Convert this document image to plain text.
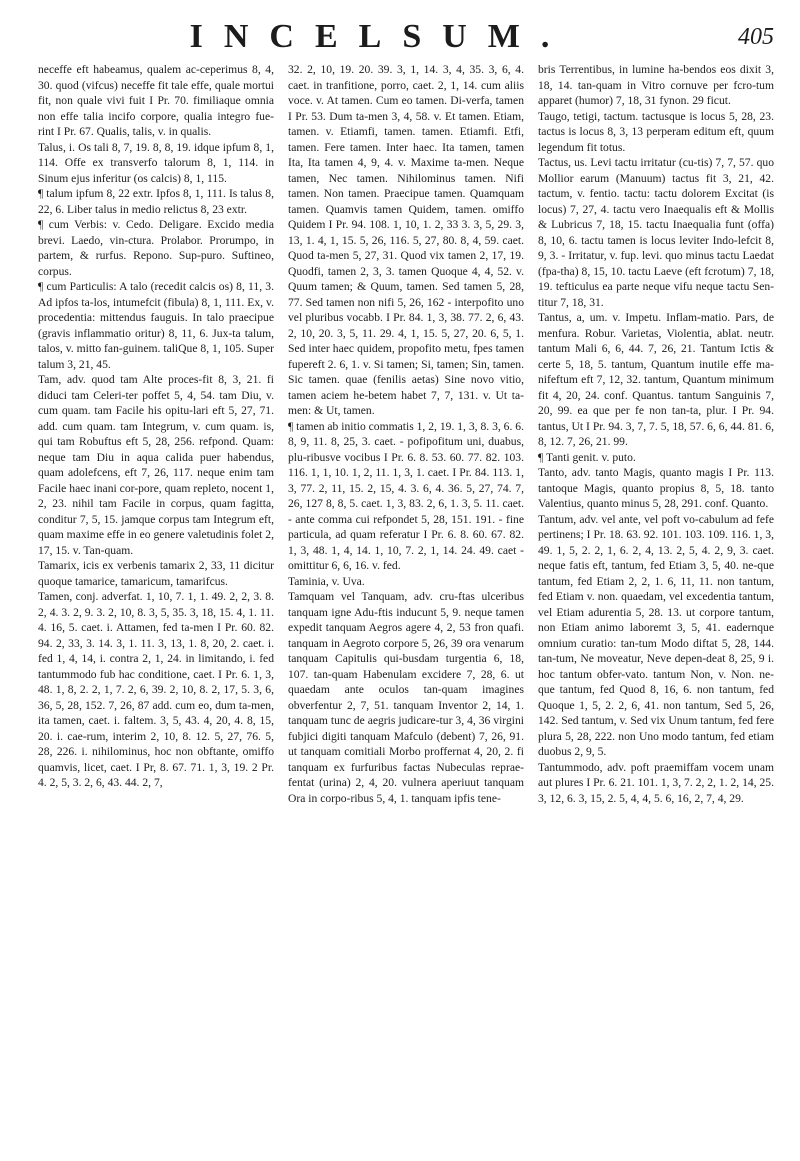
INCELSUM.	405

neceffe eft habeamus, qualem ac-ceperimus 8, 4, 30. quod (vifcus) neceffe fit tale effe, quale mortui fit, non quale vivi fuit I Pr. 70. fimiliaque omnia non effe talia incifo corpore, qualia integro fue-rint I Pr. 67. Qualis, talis, v. in qualis.

Talus, i. Os tali 8, 7, 19. 8, 8, 19. idque ipfum 8, 1, 114. Offe ex transverfo talorum 8, 1, 114. in Sinum ejus inferitur (os calcis) 8, 1, 115.

¶ talum ipfum 8, 22 extr. Ipfos 8, 1, 111. Is talus 8, 22, 6. Liber talus in medio relictus 8, 23 extr.

¶ cum Verbis: v. Cedo. Deligare. Excido media brevi. Laedo, vin-ctura. Prolabor. Prorumpo, in partem, & rurfus. Repono. Sup-puro. Suftineo, corpus.

¶ cum Particulis: A talo (recedit calcis os) 8, 11, 3. Ad ipfos ta-los, intumefcit (fibula) 8, 1, 111. Ex, v. procedentia: mittendus fauguis. In talo praecipue (gravis inflammatio oritur) 8, 11, 6. Jux-ta talum, talos, v. mitto fan-guinem. taliQue 8, 1, 105. Super talum 3, 21, 45.

Tam, adv. quod tam Alte proces-fit 8, 3, 21. fi diduci tam Celeri-ter poffet 5, 4, 54. tam Diu, v. cum quam. tam Facile his opitu-lari eft 5, 27, 71. add. cum quam. tam Integrum, v. cum quam. is, qui tam Robuftus eft 5, 28, 256. refpond. Quam: neque tam Diu in aqua calida puer habendus, quam adolefcens, eft 7, 26, 117. neque enim tam Facile haec inani cor-pore, quam repleto, nocent 1, 2, 23. nihil tam Facile in corpus, quam fagitta, conditur 7, 5, 15. jamque corpus tam Integrum eft, quam maxime effe in eo genere valetudinis folet 2, 17, 15. v. Tan-quam.

Tamarix, icis ex verbenis tamarix 2, 33, 11 dicitur quoque tamarice, tamaricum, tamarifcus.

Tamen, conj. adverfat. 1, 10, 7. 1, 1. 49. 2, 2, 3. 8. 2, 4. 3. 2, 9. 3. 2, 10, 8. 3, 5, 35. 3, 18, 15. 4, 1. 11. 4. 16, 5. caet. i. Attamen, fed ta-men I Pr. 60. 82. 94. 2, 33, 3. 14. 3, 1. 11. 3, 13, 1. 8, 20, 2. caet. i. fed 1, 4, 14, i. contra 2, 1, 24. in limitando, i. fed tantummodo fub hac conditione, caet. I Pr. 6. 1, 3, 48. 1, 8, 2. 2, 1, 7. 2, 6, 39. 2, 10, 8. 2, 17, 5. 3, 6, 36, 5, 28, 152. 7, 26, 87 add. cum eo, dum ta-men, ita tamen, caet. i. faltem. 3, 5, 43. 4, 20, 4. 8, 15, 20. i. cae-rum, interim 2, 10, 8. 12. 5, 27, 76. 5, 28, 226. i. nihilominus, hoc non obftante, omiffo quamvis, licet, caet. I Pr, 8. 67. 71. 1, 3, 19. 2 Pr. 4. 2, 5, 3. 2, 6, 43. 44. 2, 7,

32. 2, 10, 19. 20. 39. 3, 1, 14. 3, 4, 35. 3, 6, 4. caet. in tranfitione, porro, caet. 2, 1, 14. cum aliis voce. v. At tamen. Cum eo tamen. Di-verfa, tamen I Pr. 53. Dum ta-men 3, 4, 58. v. Et tamen. Etiam, tamen. v. Etiamfi, tamen. tamen. Etiamfi. Etfi, tamen. Fere tamen. Inter haec. Ita tamen, tamen Ita, Ita tamen 4, 9, 4. v. Maxime ta-men. Neque tamen, Nec tamen. Nihilominus tamen. Nifi tamen. Non tamen. Praecipue tamen. Quamquam tamen. Quamvis tamen Quidem, tamen. omiffo Quidem I Pr. 94. 108. 1, 10, 1. 2, 33 3. 3, 5, 29. 3, 13, 1. 4, 1, 15. 5, 26, 116. 5, 27, 80. 8, 4, 59. caet. Quod ta-men 5, 27, 31. Quod vix tamen 2, 17, 19. Quodfi, tamen 2, 3, 3. tamen Quoque 4, 4, 52. v. Quum tamen; & Quum, tamen. Sed tamen 5, 28, 77. Sed tamen non nifi 5, 26, 162 - interpofito uno vel pluribus vocabb. I Pr. 84. 1, 3, 38. 77. 2, 6, 43. 2, 10, 20. 3, 5, 11. 29. 4, 1, 15. 5, 27, 20. 6, 5, 1. Sed inter haec quidem, propofito metu, fpes tamen fupereft 2. 6, 1. v. Si tamen; Si, tamen; Sin, tamen. Sic tamen. quae (fenilis aetas) Sine novo vitio, tamen aciem he-betem habet 7, 7, 131. v. Ut ta-men: & Ut, tamen.

¶ tamen ab initio commatis 1, 2, 19. 1, 3, 8. 3, 6. 6. 8, 9, 11. 8, 25, 3. caet. - pofipofitum uni, duabus, plu-ribusve vocibus I Pr. 6. 8. 53. 60. 77. 82. 103. 116. 1, 1, 10. 1, 2, 11. 1, 3, 1. caet. I Pr. 84. 113. 1, 3, 77. 2, 11, 15. 2, 15, 4. 3. 6, 4. 36. 5, 27, 74. 7, 26, 127 8, 8, 5. caet. 1, 3, 83. 2, 6, 1. 3, 5. 11. caet. - ante comma cui refpondet 5, 28, 151. 191. - fine particula, ad quam referatur I Pr. 6. 8. 60. 67. 82. 1, 3, 48. 1, 4, 14. 1, 10, 7. 2, 1, 14. 24. 49. caet - omittitur 6, 6, 16. v. fed.

Taminia, v. Uva.

Tamquam vel Tanquam, adv. cru-ftas ulceribus tanquam igne Adu-ftis inducunt 5, 9. neque tamen expedit tanquam Aegros agere 4, 2, 53 fron quafi. tanquam in Aegroto corpore 5, 26, 39 ora venarum tanquam Capitulis qui-busdam turgentia 6, 18, 107. tan-quam Habenulam excidere 7, 28, 6. ut quaedam ante oculos tan-quam imagines obverfentur 2, 7, 51. tanquam Inventor 2, 14, 1. tanquam tunc de aegris judicare-tur 3, 4, 36 virgini fubjici digiti tanquam Mafculo (debent) 7, 26, 91. ut tanquam comitiali Morbo proffernat 4, 20, 2. fi tanquam ex furfuribus factas Nubeculas reprae-fentat (urina) 2, 4, 20. vulnera aperiuut tanquam Ora in corpo-ribus 5, 4, 1. tanquam ipfis tene-

bris Terrentibus, in lumine ha-bendos eos dixit 3, 18, 14. tan-quam in Vitro cornuve per fcro-tum apparet (humor) 7, 18, 31 fynon. 29 ficut.

Taugo, tetigi, tactum. tactusque is locus 5, 28, 23. tactus is locus 8, 3, 13 perperam editum eft, quum legendum fit totus.

Tactus, us. Levi tactu irritatur (cu-tis) 7, 7, 57. quo Mollior earum (Manuum) tactus fit 3, 21, 42. tactum, v. fentio. tactu: tactu dolorem Excitat (is locus) 7, 27, 4. tactu vero Inaequalis eft & Mollis & Lubricus 7, 18, 15. tactu Inaequalia funt (offa) 8, 10, 6. tactu tamen is locus leviter Indo-lefcit 8, 9, 3. - Irritatur, v. fup. levi. quo minus tactu Laedat (fpa-tha) 8, 15, 10. tactu Laeve (eft fcrotum) 7, 18, 19. tefticulus ea parte neque vifu neque tactu Sen-titur 7, 18, 31.

Tantus, a, um. v. Impetu. Inflam-matio. Pars, de menfura. Robur. Varietas, Violentia, ablat. neutr. tantum Mali 6, 6, 44. 7, 26, 21. Tantum Ictis & certe 5, 18, 5. tantum, Quantum inutile effe ma-nifeftum eft 7, 12, 32. tantum, Quantum minimum fit 4, 20, 24. conf. Quantus. tantum Sanguinis 7, 20, 99. ea que per fe non tan-ta, plur. I Pr. 94. tantus, Ut I Pr. 94. 3, 7, 7. 5, 18, 57. 6, 6, 44. 81. 6, 8, 12. 7, 26, 21. 99.

¶ Tanti genit. v. puto.

Tanto, adv. tanto Magis, quanto magis I Pr. 113. tantoque Magis, quanto propius 8, 5, 18. tanto Valentius, quanto minus 5, 28, 291. conf. Quanto.

Tantum, adv. vel ante, vel poft vo-cabulum ad fefe pertinens; I Pr. 18. 63. 92. 101. 103. 109. 116. 1, 3, 49. 1, 5, 2. 2, 1, 6. 2, 4, 13. 2, 5, 4. 2, 9, 3. caet. neque fatis eft, tantum, fed Etiam 3, 5, 40. ne-que tantum, fed Etiam 2, 2, 1. 6, 11, 11. non tantum, fed Etiam v. non. quaedam, vel excedentia tantum, vel Etiam adurentia 5, 28. 13. ut corpore tantum, non Etiam animo laboremt 3, 5, 41. eadernque omnium curatio: tan-tum Modo diftat 5, 28, 144. tan-tum, Ne moveatur, Neve depen-deat 8, 25, 9 i. hoc tantum obfer-vato. tantum Non, v. Non. ne-que tantum, fed Quod 8, 16, 6. non tantum, fed Quoque 1, 5, 2. 2, 6, 41. non tantum, Sed 5, 26, 142. Sed tantum, v. Sed vix Unum tantum, fed fere plura 5, 28, 222. non Uno modo tantum, fed etiam duobus 2, 9, 5.

Tantummodo, adv. poft praemiffam vocem unam aut plures I Pr. 6. 21. 101. 1, 3, 7. 2, 2, 1. 2, 14, 25. 3, 12, 6. 3, 15, 2. 5, 4, 4, 5. 6, 16, 2, 7, 4, 29.
